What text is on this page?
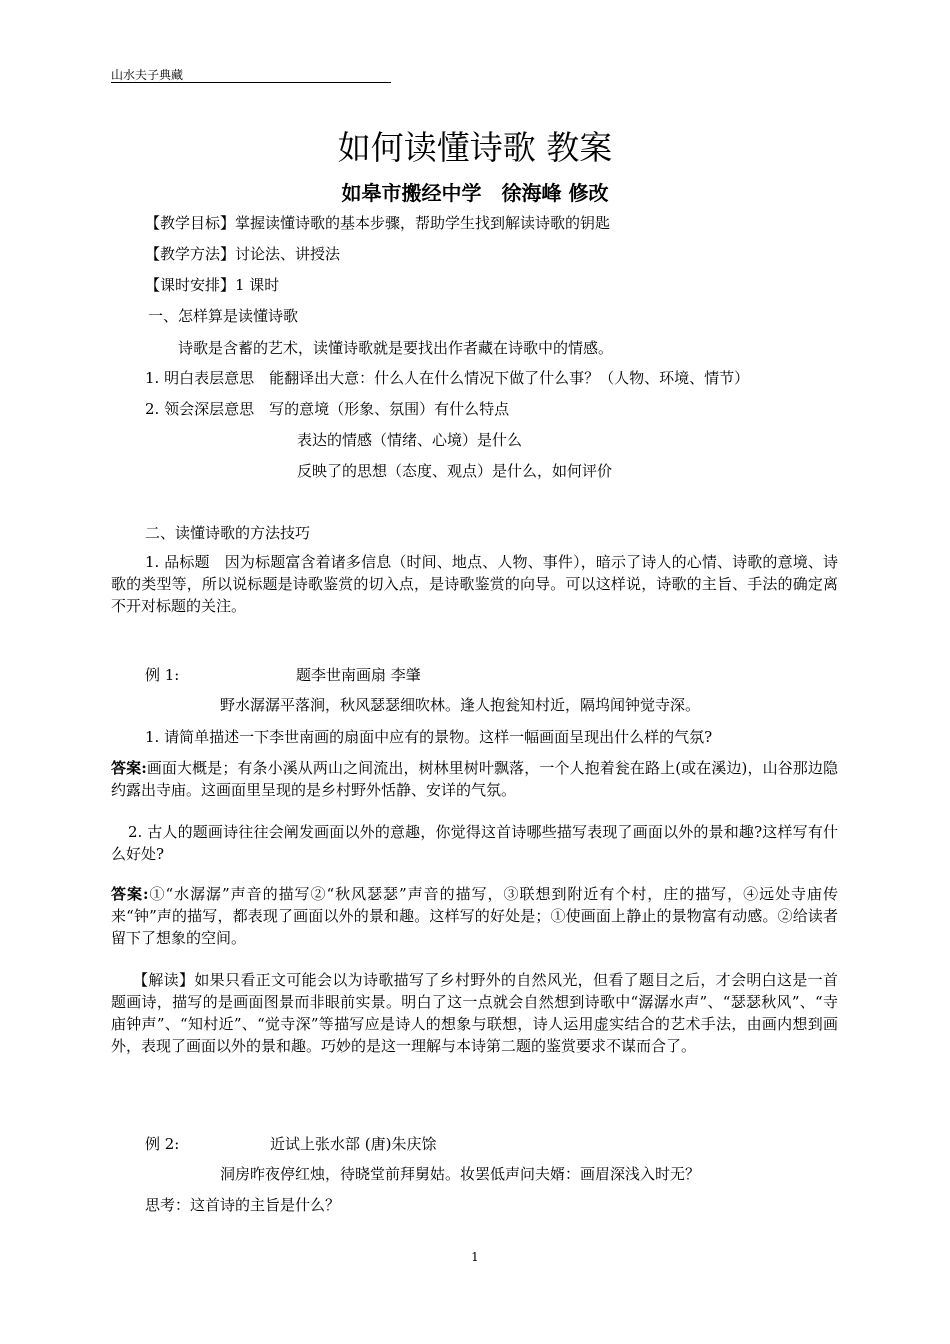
山水夫子典藏
如何读懂诗歌 教案
如皋市搬经中学　徐海峰 修改
【教学目标】掌握读懂诗歌的基本步骤，帮助学生找到解读诗歌的钥匙
【教学方法】讨论法、讲授法
【课时安排】1 课时
一、怎样算是读懂诗歌
诗歌是含蓄的艺术，读懂诗歌就是要找出作者藏在诗歌中的情感。
1. 明白表层意思　能翻译出大意：什么人在什么情况下做了什么事？（人物、环境、情节）
2. 领会深层意思　写的意境（形象、氛围）有什么特点
表达的情感（情绪、心境）是什么
反映了的思想（态度、观点）是什么，如何评价
二、读懂诗歌的方法技巧
1. 品标题　因为标题富含着诸多信息（时间、地点、人物、事件），暗示了诗人的心情、诗歌的意境、诗歌的类型等，所以说标题是诗歌鉴赏的切入点，是诗歌鉴赏的向导。可以这样说，诗歌的主旨、手法的确定离不开对标题的关注。
例 1:	题李世南画扇 李肇
野水潺潺平落涧，秋风瑟瑟细吹林。逢人抱瓮知村近，隔坞闻钟觉寺深。
1. 请简单描述一下李世南画的扇面中应有的景物。这样一幅画面呈现出什么样的气氛?
答案:画面大概是；有条小溪从两山之间流出，树林里树叶飘落，一个人抱着瓮在路上(或在溪边)，山谷那边隐约露出寺庙。这画面里呈现的是乡村野外恬静、安详的气氛。
2. 古人的题画诗往往会阐发画面以外的意趣，你觉得这首诗哪些描写表现了画面以外的景和趣?这样写有什么好处?
答案:①“水潺潺”声音的描写②“秋风瑟瑟”声音的描写，③联想到附近有个村，庄的描写，④远处寺庙传来“钟”声的描写，都表现了画面以外的景和趣。这样写的好处是；①使画面上静止的景物富有动感。②给读者留下了想象的空间。
【解读】如果只看正文可能会以为诗歌描写了乡村野外的自然风光，但看了题目之后，才会明白这是一首题画诗，描写的是画面图景而非眼前实景。明白了这一点就会自然想到诗歌中“潺潺水声”、“瑟瑟秋风”、“寺庙钟声”、“知村近”、“觉寺深”等描写应是诗人的想象与联想，诗人运用虚实结合的艺术手法，由画内想到画外，表现了画面以外的景和趣。巧妙的是这一理解与本诗第二题的鉴赏要求不谋而合了。
例 2:	近试上张水部 (唐)朱庆馀
洞房昨夜停红烛，待晓堂前拜舅姑。妆罢低声问夫婿：画眉深浅入时无？
思考：这首诗的主旨是什么？
1
